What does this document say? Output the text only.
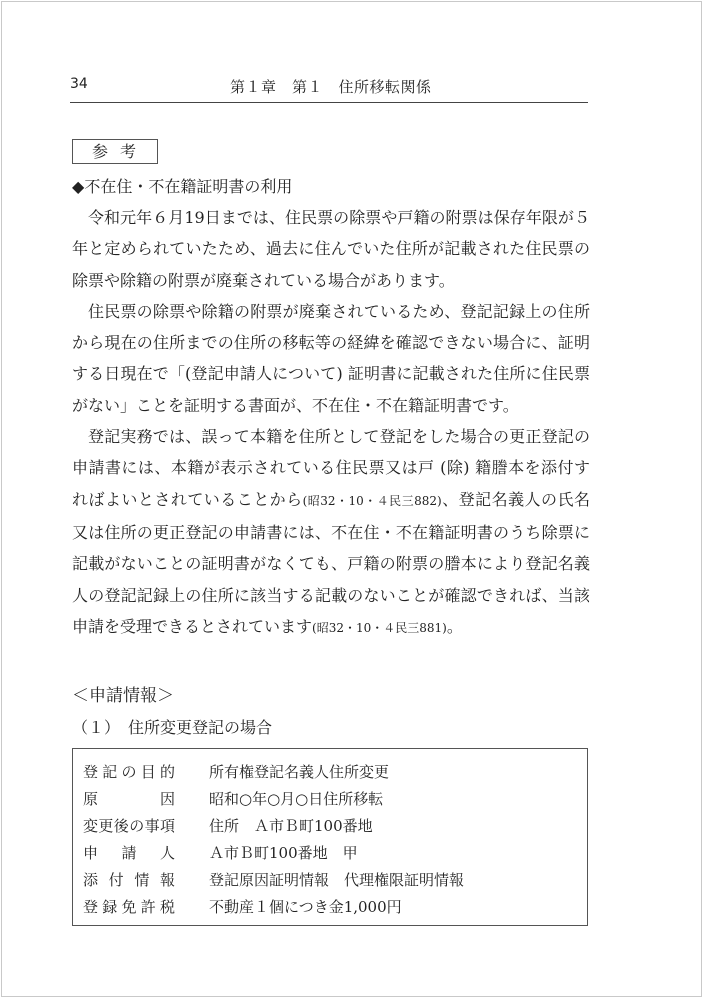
34	第１章　第１　住所移転関係
参考
◆不在住・不在籍証明書の利用

令和元年６月19日までは、住民票の除票や戸籍の附票は保存年限が５年と定められていたため、過去に住んでいた住所が記載された住民票の除票や除籍の附票が廃棄されている場合があります。

住民票の除票や除籍の附票が廃棄されているため、登記記録上の住所から現在の住所までの住所の移転等の経緯を確認できない場合に、証明する日現在で「(登記申請人について) 証明書に記載された住所に住民票がない」ことを証明する書面が、不在住・不在籍証明書です。

登記実務では、誤って本籍を住所として登記をした場合の更正登記の申請書には、本籍が表示されている住民票又は戸 (除) 籍謄本を添付すればよいとされていることから(昭32・10・４民三882)、登記名義人の氏名又は住所の更正登記の申請書には、不在住・不在籍証明書のうち除票に記載がないことの証明書がなくても、戸籍の附票の謄本により登記名義人の登記記録上の住所に該当する記載のないことが確認できれば、当該申請を受理できるとされています(昭32・10・４民三881)。

＜申請情報＞
（１）　住所変更登記の場合
登記の目的 所有権登記名義人住所変更
原因 昭和○年○月○日住所移転
変更後の事項 住所　Ａ市Ｂ町100番地
申請人 Ａ市Ｂ町100番地　甲
添付情報 登記原因証明情報　代理権限証明情報
登録免許税 不動産１個につき金1,000円
